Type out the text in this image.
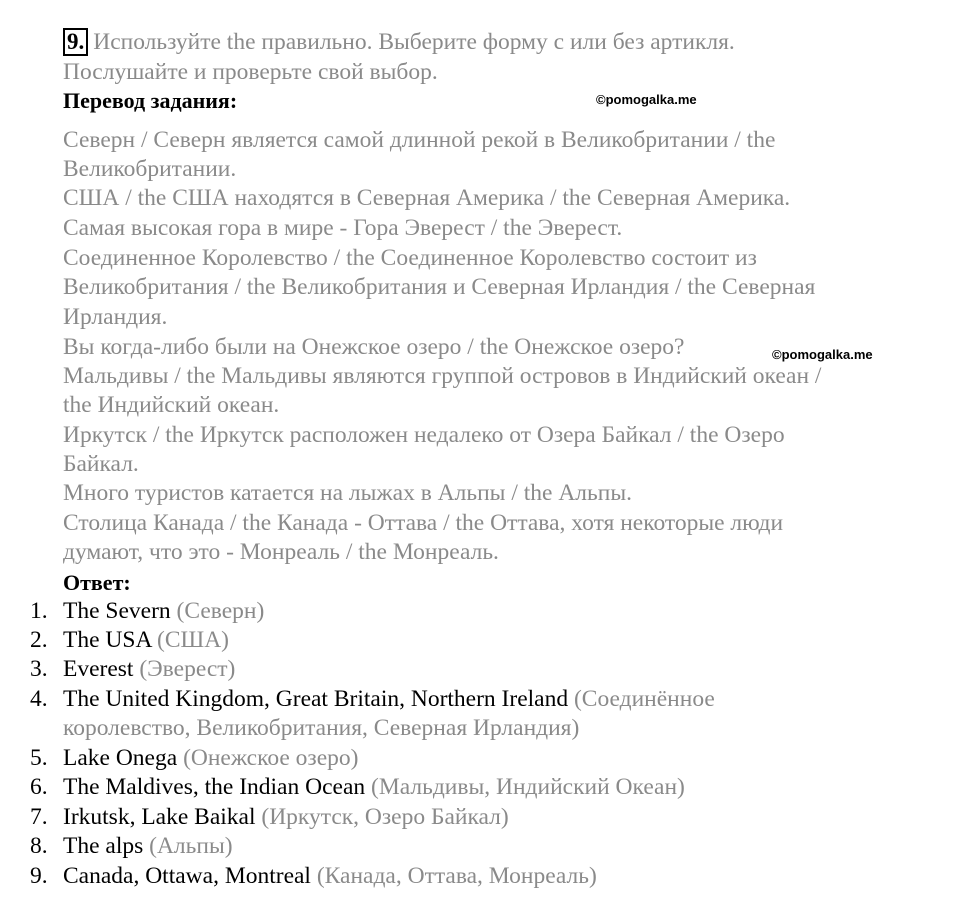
9. Используйте the правильно. Выберите форму с или без артикля.
Послушайте и проверьте свой выбор.
Перевод задания:	©pomogalka.me
Северн / Северн является самой длинной рекой в Великобритании / the
Великобритании.
США / the США находятся в Северная Америка / the Северная Америка.
Самая высокая гора в мире - Гора Эверест / the Эверест.
Соединенное Королевство / the Соединенное Королевство состоит из
Великобритания / the Великобритания и Северная Ирландия / the Северная
Ирландия.
Вы когда-либо были на Онежское озеро / the Онежское озеро?	©pomogalka.me
Мальдивы / the Мальдивы являются группой островов в Индийский океан /
the Индийский океан.
Иркутск / the Иркутск расположен недалеко от Озера Байкал / the Озеро
Байкал.
Много туристов катается на лыжах в Альпы / the Альпы.
Столица Канада / the Канада - Оттава / the Оттава, хотя некоторые люди
думают, что это - Монреаль / the Монреаль.
Ответ:
1. The Severn (Северн)
2. The USA (США)
3. Everest (Эверест)
4. The United Kingdom, Great Britain, Northern Ireland (Соединённое
королевство, Великобритания, Северная Ирландия)
5. Lake Onega (Онежское озеро)
6. The Maldives, the Indian Ocean (Мальдивы, Индийский Океан)
7. Irkutsk, Lake Baikal (Иркутск, Озеро Байкал)
8. The alps (Альпы)
9. Canada, Ottawa, Montreal (Канада, Оттава, Монреаль)
